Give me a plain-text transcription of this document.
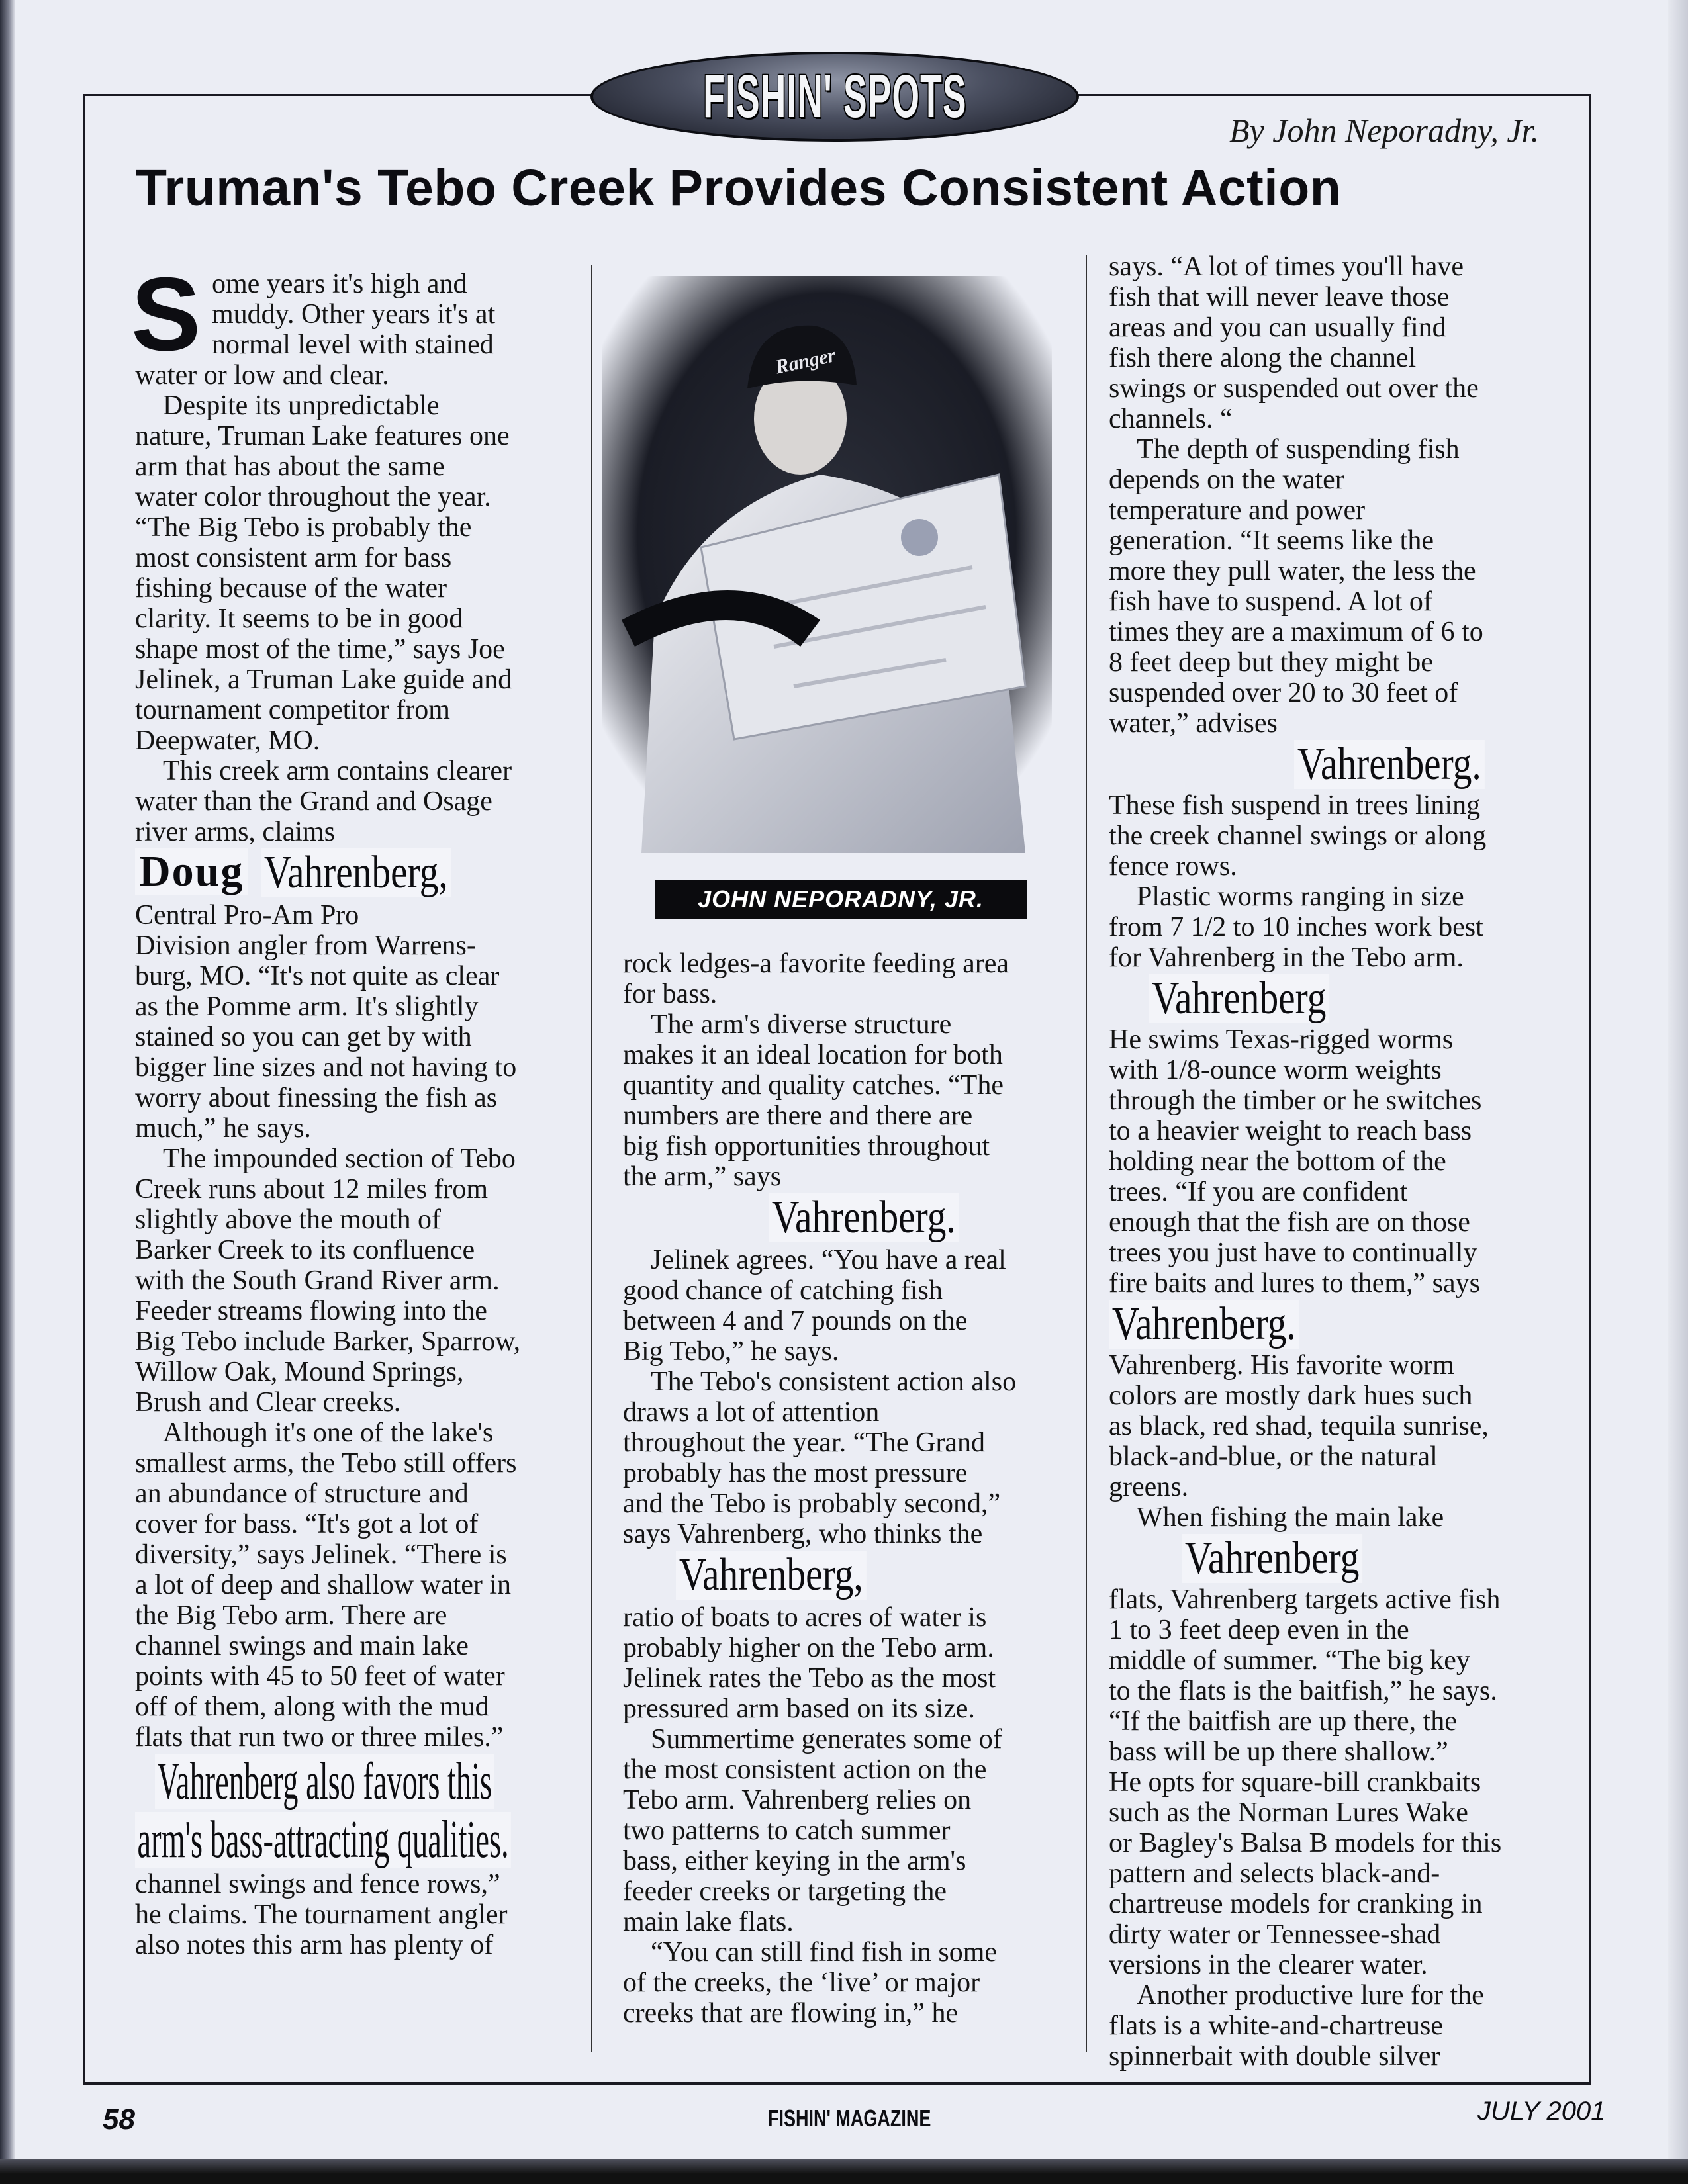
FISHIN' SPOTS
By John Neporadny, Jr.
Truman's Tebo Creek Provides Consistent Action
S ome years it's high and
muddy. Other years it's at
normal level with stained
water or low and clear.
Despite its unpredictable
nature, Truman Lake features one
arm that has about the same
water color throughout the year.
“The Big Tebo is probably the
most consistent arm for bass
fishing because of the water
clarity. It seems to be in good
shape most of the time,” says Joe
Jelinek, a Truman Lake guide and
tournament competitor from
Deepwater, MO.
This creek arm contains clearer
water than the Grand and Osage
river arms, claims
Doug Vahrenberg,
Central Pro-Am Pro
Division angler from Warrens-
burg, MO. “It's not quite as clear
as the Pomme arm. It's slightly
stained so you can get by with
bigger line sizes and not having to
worry about finessing the fish as
much,” he says.
The impounded section of Tebo
Creek runs about 12 miles from
slightly above the mouth of
Barker Creek to its confluence
with the South Grand River arm.
Feeder streams flowing into the
Big Tebo include Barker, Sparrow,
Willow Oak, Mound Springs,
Brush and Clear creeks.
Although it's one of the lake's
smallest arms, the Tebo still offers
an abundance of structure and
cover for bass. “It's got a lot of
diversity,” says Jelinek. “There is
a lot of deep and shallow water in
the Big Tebo arm. There are
channel swings and main lake
points with 45 to 50 feet of water
off of them, along with the mud
flats that run two or three miles.”
Vahrenberg also favors this
arm's bass-attracting qualities.
channel swings and fence rows,”
he claims. The tournament angler
also notes this arm has plenty of
rock ledges-a favorite feeding area
for bass.
The arm's diverse structure
makes it an ideal location for both
quantity and quality catches. “The
numbers are there and there are
big fish opportunities throughout
the arm,” says
Vahrenberg.
Jelinek agrees. “You have a real
good chance of catching fish
between 4 and 7 pounds on the
Big Tebo,” he says.
The Tebo's consistent action also
draws a lot of attention
throughout the year. “The Grand
probably has the most pressure
and the Tebo is probably second,”
says Vahrenberg, who thinks the
Vahrenberg,
ratio of boats to acres of water is
probably higher on the Tebo arm.
Jelinek rates the Tebo as the most
pressured arm based on its size.
Summertime generates some of
the most consistent action on the
Tebo arm. Vahrenberg relies on
two patterns to catch summer
bass, either keying in the arm's
feeder creeks or targeting the
main lake flats.
“You can still find fish in some
of the creeks, the ‘live’ or major
creeks that are flowing in,” he
says. “A lot of times you'll have
fish that will never leave those
areas and you can usually find
fish there along the channel
swings or suspended out over the
channels. “
The depth of suspending fish
depends on the water
temperature and power
generation. “It seems like the
more they pull water, the less the
fish have to suspend. A lot of
times they are a maximum of 6 to
8 feet deep but they might be
suspended over 20 to 30 feet of
water,” advises
Vahrenberg.
These fish suspend in trees lining
the creek channel swings or along
fence rows.
Plastic worms ranging in size
from 7 1/2 to 10 inches work best
for Vahrenberg in the Tebo arm.
Vahrenberg
He swims Texas-rigged worms
with 1/8-ounce worm weights
through the timber or he switches
to a heavier weight to reach bass
holding near the bottom of the
trees. “If you are confident
enough that the fish are on those
trees you just have to continually
fire baits and lures to them,” says
Vahrenberg.
Vahrenberg. His favorite worm
colors are mostly dark hues such
as black, red shad, tequila sunrise,
black-and-blue, or the natural
greens.
When fishing the main lake
Vahrenberg
flats, Vahrenberg targets active fish
1 to 3 feet deep even in the
middle of summer. “The big key
to the flats is the baitfish,” he says.
“If the baitfish are up there, the
bass will be up there shallow.”
He opts for square-bill crankbaits
such as the Norman Lures Wake
or Bagley's Balsa B models for this
pattern and selects black-and-
chartreuse models for cranking in
dirty water or Tennessee-shad
versions in the clearer water.
Another productive lure for the
flats is a white-and-chartreuse
spinnerbait with double silver
Ranger
JOHN NEPORADNY, JR.
58	FISHIN' MAGAZINE	JULY 2001
